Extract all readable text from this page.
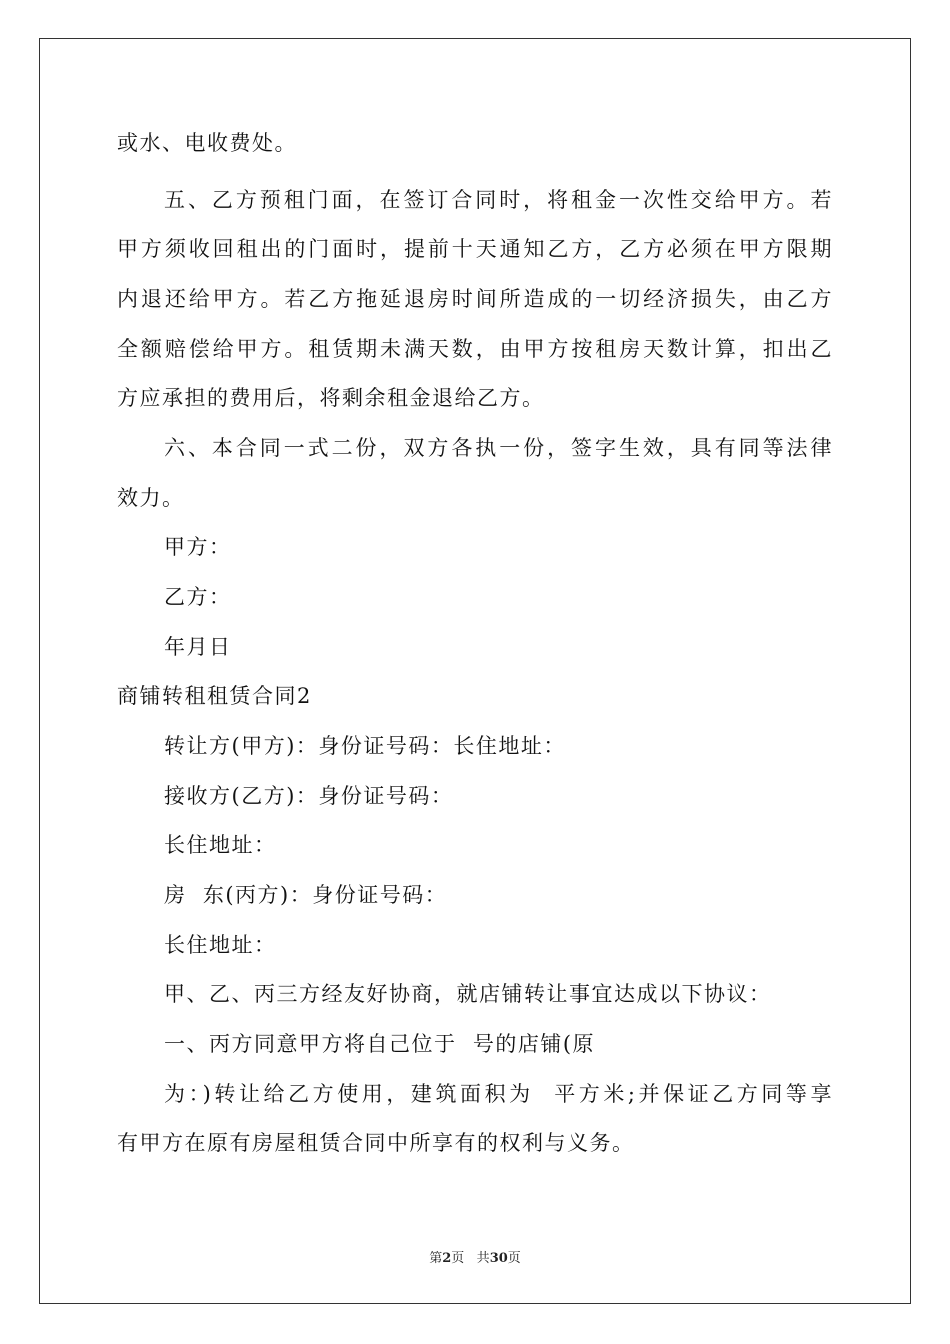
或水、电收费处。
五、乙方预租门面，在签订合同时，将租金一次性交给甲方。若
甲方须收回租出的门面时，提前十天通知乙方，乙方必须在甲方限期
内退还给甲方。若乙方拖延退房时间所造成的一切经济损失，由乙方
全额赔偿给甲方。租赁期未满天数，由甲方按租房天数计算，扣出乙
方应承担的费用后，将剩余租金退给乙方。
六、本合同一式二份，双方各执一份，签字生效，具有同等法律
效力。
甲方：
乙方：
年月日
商铺转租租赁合同2
转让方(甲方)：身份证号码：长住地址：
接收方(乙方)：身份证号码：
长住地址：
房  东(丙方)：身份证号码：
长住地址：
甲、乙、丙三方经友好协商，就店铺转让事宜达成以下协议：
一、丙方同意甲方将自己位于  号的店铺(原
为：)转让给乙方使用，建筑面积为  平方米;并保证乙方同等享
有甲方在原有房屋租赁合同中所享有的权利与义务。
第2页 共30页
